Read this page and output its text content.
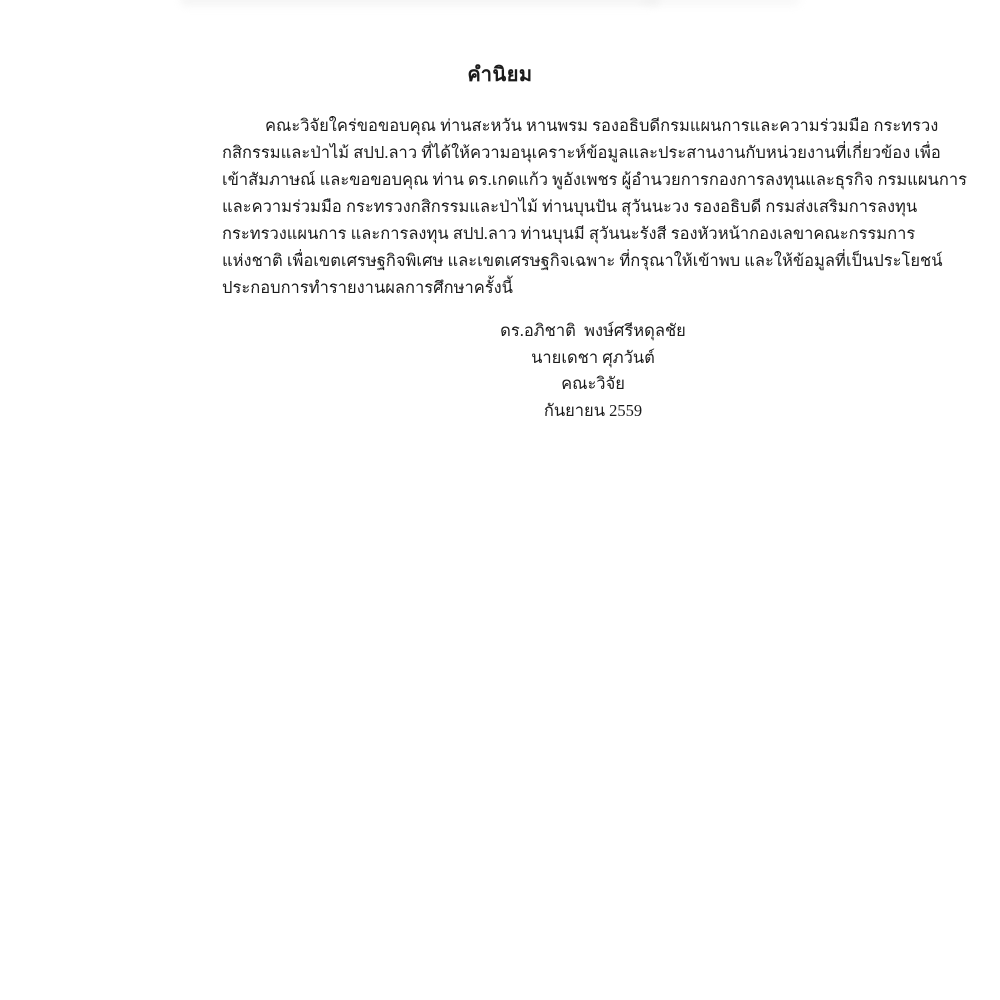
คำนิยม
คณะวิจัยใคร่ขอขอบคุณ ท่านสะหวัน หานพรม รองอธิบดีกรมแผนการและความร่วมมือ กระทรวง
กสิกรรมและป่าไม้ สปป.ลาว ที่ได้ให้ความอนุเคราะห์ข้อมูลและประสานงานกับหน่วยงานที่เกี่ยวข้อง เพื่อ
เข้าสัมภาษณ์ และขอขอบคุณ ท่าน ดร.เกดแก้ว พูอังเพชร ผู้อำนวยการกองการลงทุนและธุรกิจ กรมแผนการ
และความร่วมมือ กระทรวงกสิกรรมและป่าไม้ ท่านบุนปัน สุวันนะวง รองอธิบดี กรมส่งเสริมการลงทุน
กระทรวงแผนการ และการลงทุน สปป.ลาว ท่านบุนมี สุวันนะรังสี รองหัวหน้ากองเลขาคณะกรรมการ
แห่งชาติ เพื่อเขตเศรษฐกิจพิเศษ และเขตเศรษฐกิจเฉพาะ ที่กรุณาให้เข้าพบ และให้ข้อมูลที่เป็นประโยชน์
ประกอบการทำรายงานผลการศึกษาครั้งนี้
ดร.อภิชาติ  พงษ์ศรีหดุลชัย
นายเดชา ศุภวันต์
คณะวิจัย
กันยายน 2559
